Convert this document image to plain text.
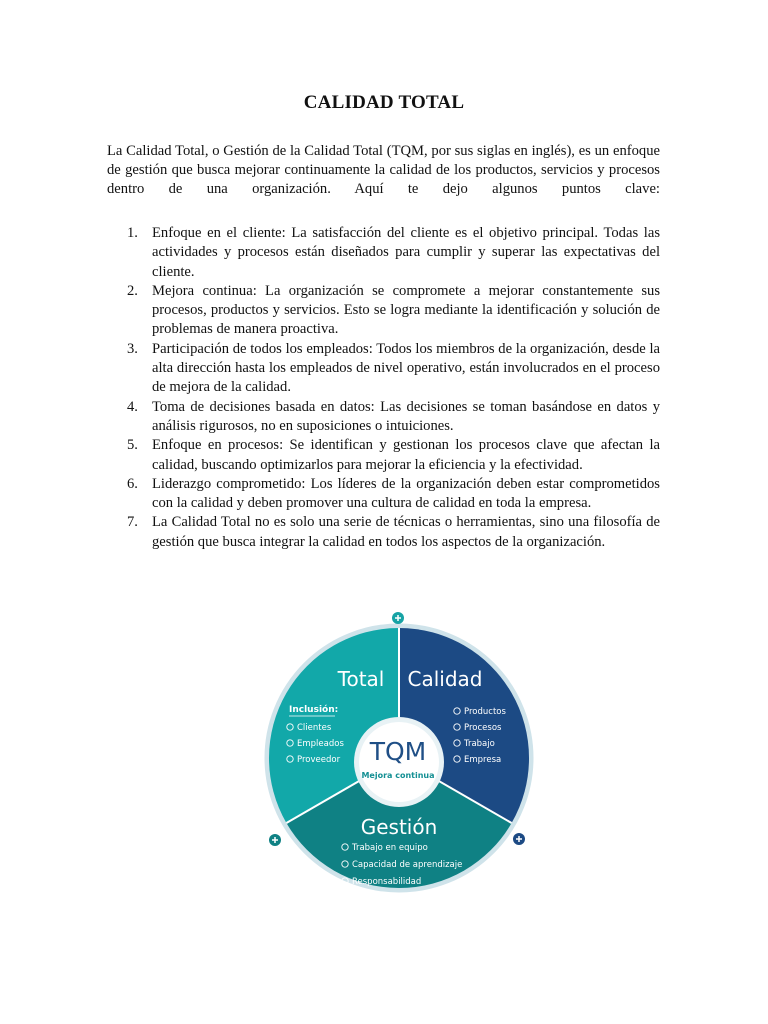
CALIDAD TOTAL

La Calidad Total, o Gestión de la Calidad Total (TQM, por sus siglas en inglés), es un enfoque de gestión que busca mejorar continuamente la calidad de los productos, servicios y procesos dentro de una organización. Aquí te dejo algunos puntos clave:

1. Enfoque en el cliente: La satisfacción del cliente es el objetivo principal. Todas las actividades y procesos están diseñados para cumplir y superar las expectativas del cliente.
2. Mejora continua: La organización se compromete a mejorar constantemente sus procesos, productos y servicios. Esto se logra mediante la identificación y solución de problemas de manera proactiva.
3. Participación de todos los empleados: Todos los miembros de la organización, desde la alta dirección hasta los empleados de nivel operativo, están involucrados en el proceso de mejora de la calidad.
4. Toma de decisiones basada en datos: Las decisiones se toman basándose en datos y análisis rigurosos, no en suposiciones o intuiciones.
5. Enfoque en procesos: Se identifican y gestionan los procesos clave que afectan la calidad, buscando optimizarlos para mejorar la eficiencia y la efectividad.
6. Liderazgo comprometido: Los líderes de la organización deben estar comprometidos con la calidad y deben promover una cultura de calidad en toda la empresa.
7. La Calidad Total no es solo una serie de técnicas o herramientas, sino una filosofía de gestión que busca integrar la calidad en todos los aspectos de la organización.
TQM
Mejora continua
Total Calidad
Gestión
Inclusión:
Clientes
Empleados
Proveedor
Productos
Procesos
Trabajo
Empresa
Trabajo en equipo
Capacidad de aprendizaje
Responsabilidad
